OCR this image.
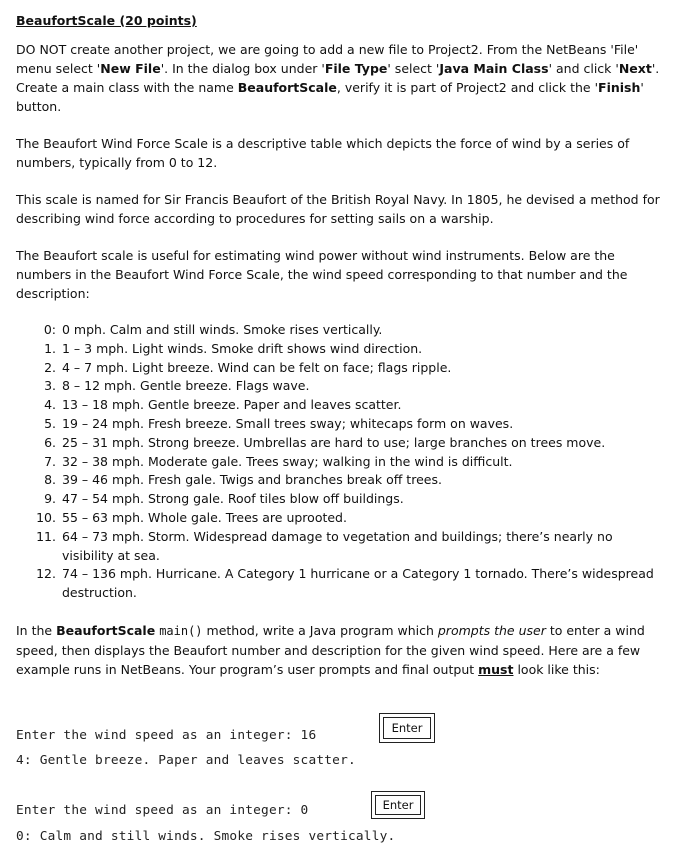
BeaufortScale (20 points)

DO NOT create another project, we are going to add a new file to Project2. From the NetBeans 'File' menu select 'New File'. In the dialog box under 'File Type' select 'Java Main Class' and click 'Next'. Create a main class with the name BeaufortScale, verify it is part of Project2 and click the 'Finish' button.

The Beaufort Wind Force Scale is a descriptive table which depicts the force of wind by a series of numbers, typically from 0 to 12.

This scale is named for Sir Francis Beaufort of the British Royal Navy. In 1805, he devised a method for describing wind force according to procedures for setting sails on a warship.

The Beaufort scale is useful for estimating wind power without wind instruments. Below are the numbers in the Beaufort Wind Force Scale, the wind speed corresponding to that number and the description:

0: 0 mph. Calm and still winds. Smoke rises vertically.
1. 1 – 3 mph. Light winds. Smoke drift shows wind direction.
2. 4 – 7 mph. Light breeze. Wind can be felt on face; flags ripple.
3. 8 – 12 mph. Gentle breeze. Flags wave.
4. 13 – 18 mph. Gentle breeze. Paper and leaves scatter.
5. 19 – 24 mph. Fresh breeze. Small trees sway; whitecaps form on waves.
6. 25 – 31 mph. Strong breeze. Umbrellas are hard to use; large branches on trees move.
7. 32 – 38 mph. Moderate gale. Trees sway; walking in the wind is difficult.
8. 39 – 46 mph. Fresh gale. Twigs and branches break off trees.
9. 47 – 54 mph. Strong gale. Roof tiles blow off buildings.
10. 55 – 63 mph. Whole gale. Trees are uprooted.
11. 64 – 73 mph. Storm. Widespread damage to vegetation and buildings; there’s nearly no visibility at sea.
12. 74 – 136 mph. Hurricane. A Category 1 hurricane or a Category 1 tornado. There’s widespread destruction.

In the BeaufortScale main() method, write a Java program which prompts the user to enter a wind speed, then displays the Beaufort number and description for the given wind speed. Here are a few example runs in NetBeans. Your program’s user prompts and final output must look like this:

Enter the wind speed as an integer: 16	Enter
4: Gentle breeze. Paper and leaves scatter.
Enter the wind speed as an integer: 0	Enter
0: Calm and still winds. Smoke rises vertically.
